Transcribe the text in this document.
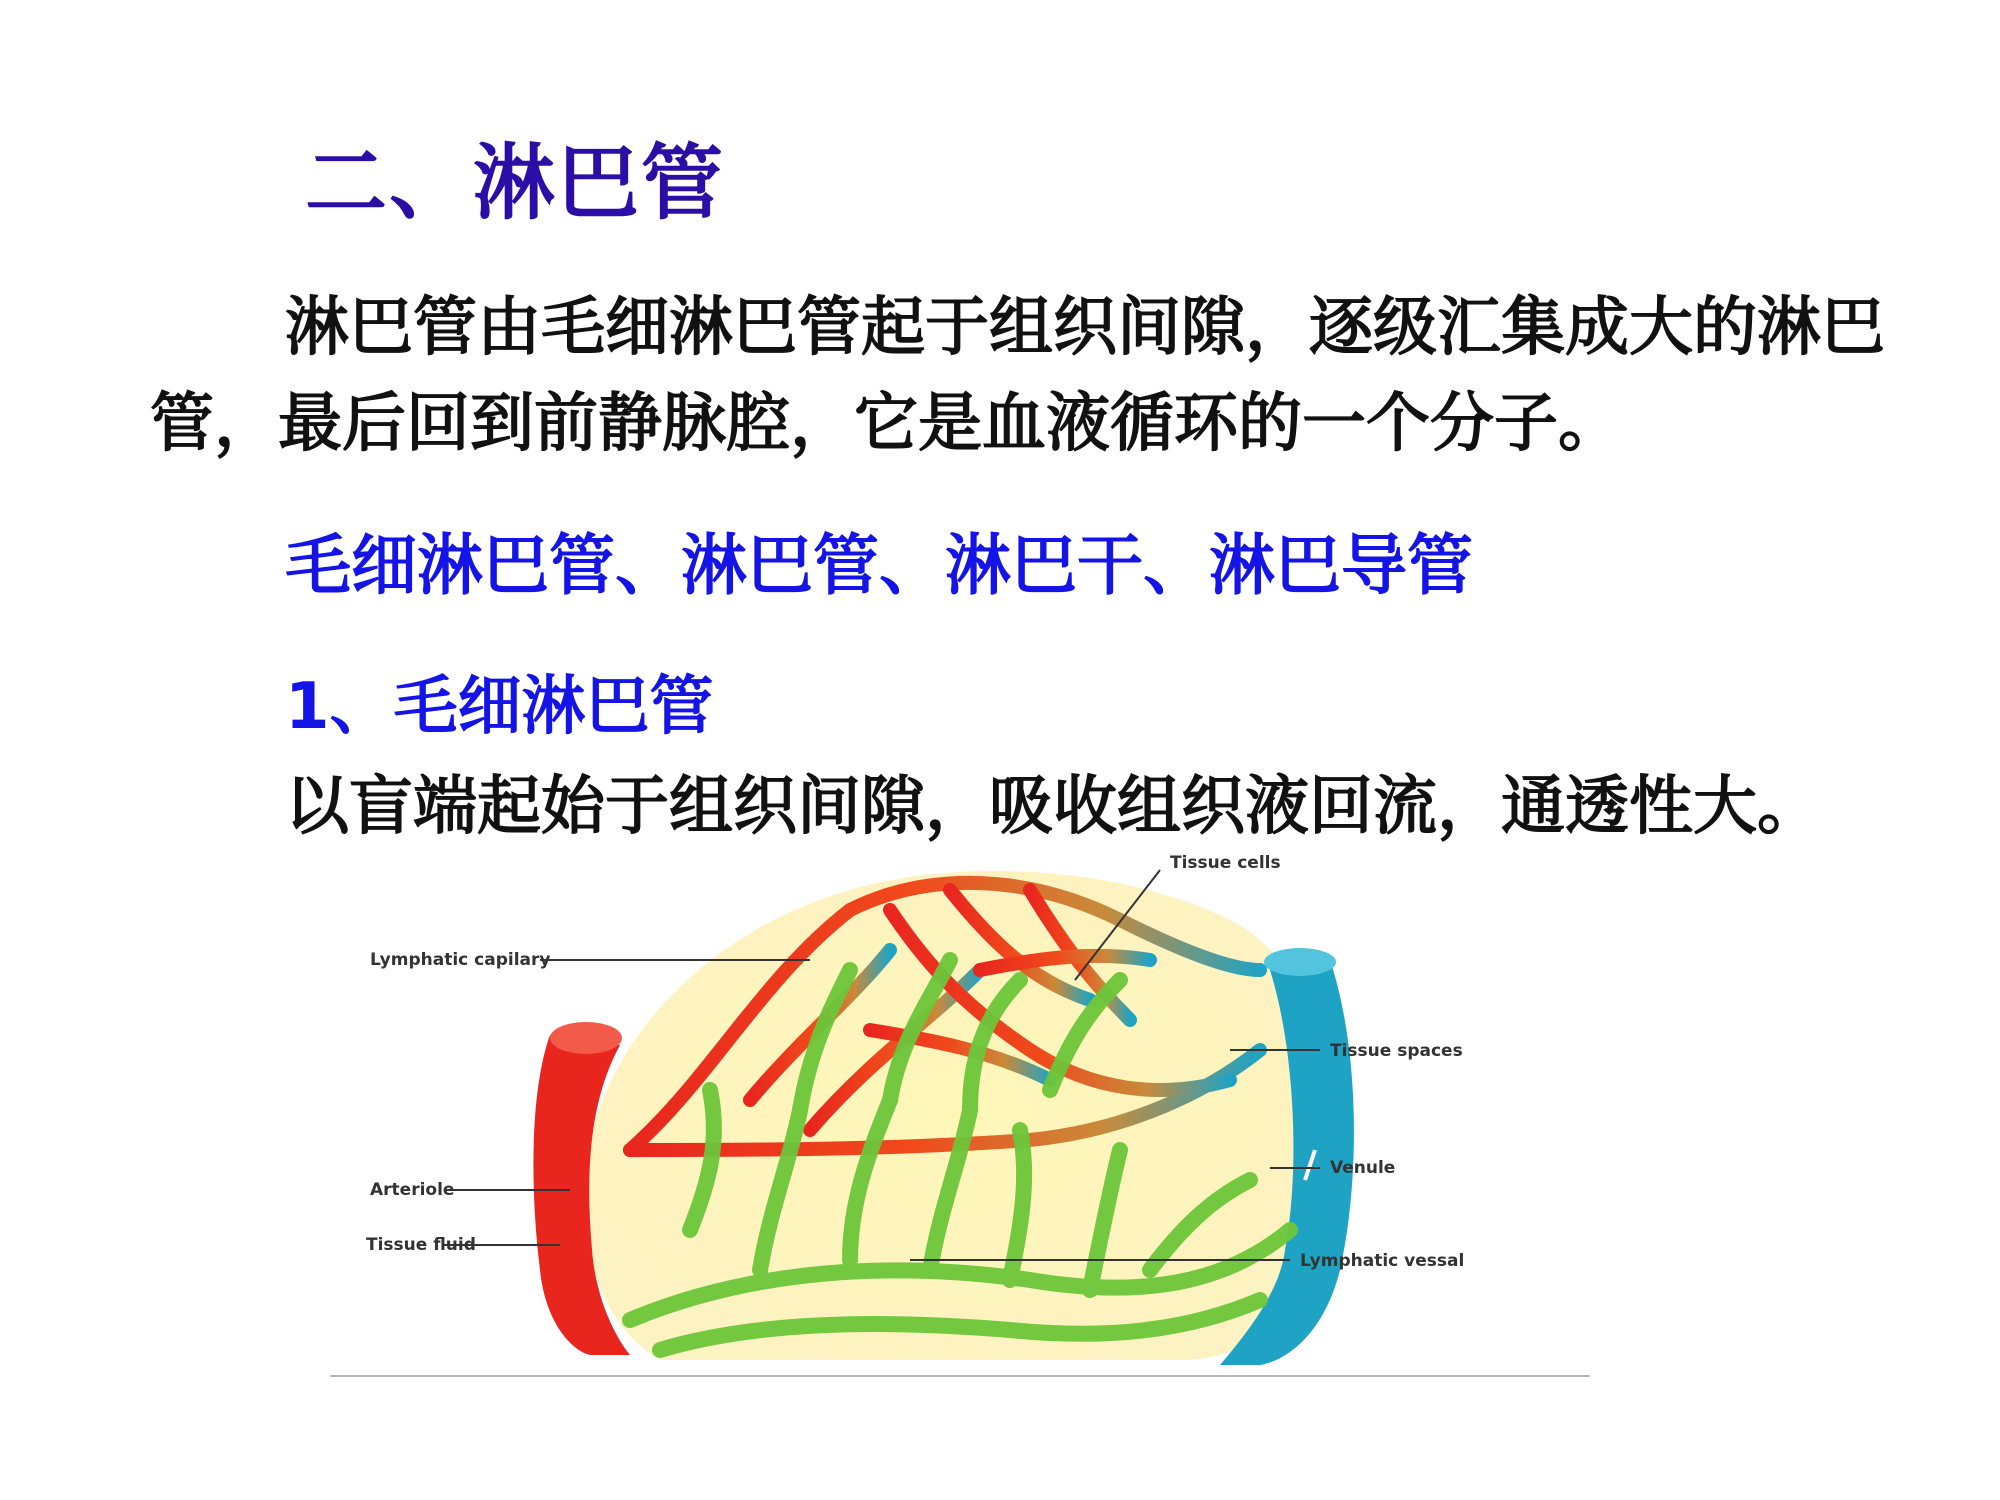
二、淋巴管

淋巴管由毛细淋巴管起于组织间隙，逐级汇集成大的淋巴管，最后回到前静脉腔，它是血液循环的一个分子。

毛细淋巴管、淋巴管、淋巴干、淋巴导管

1、毛细淋巴管

以盲端起始于组织间隙，吸收组织液回流，通透性大。

Tissue cells
Lymphatic capilary
Tissue spaces
Venule
Arteriole
Tissue fluid
Lymphatic vessal
